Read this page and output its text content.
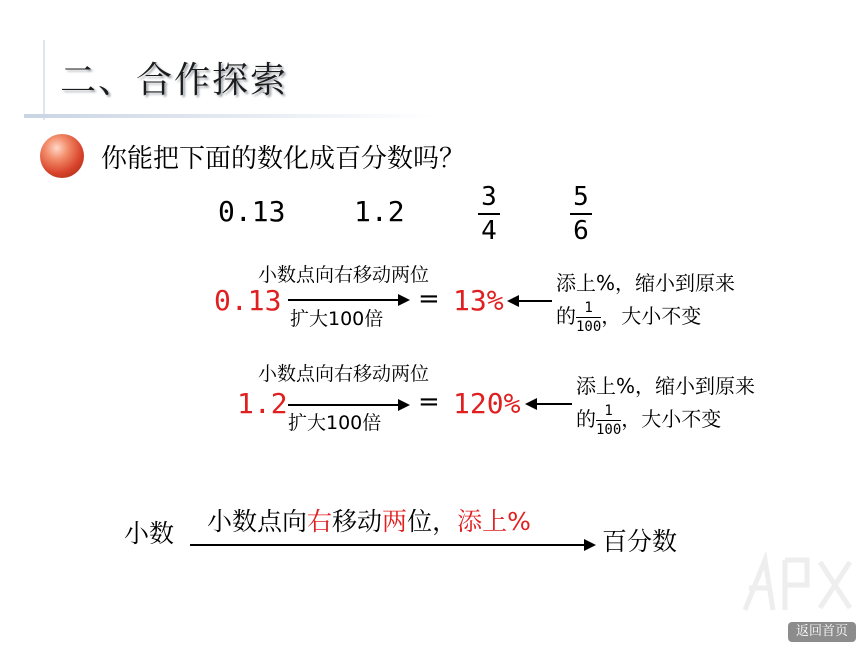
二、合作探索
你能把下面的数化成百分数吗？
0.13 1.2	3
4
5
6
小数点向右移动两位
0.13
扩大100倍
= 13%
添上%，缩小到原来
的 $\frac{1}{100}$ ，大小不变
小数点向右移动两位
1.2
扩大100倍
= 120%
添上%，缩小到原来
的 $\frac{1}{100}$ ，大小不变
小数 小数点向右移动两位，添上%
百分数
返回首页
